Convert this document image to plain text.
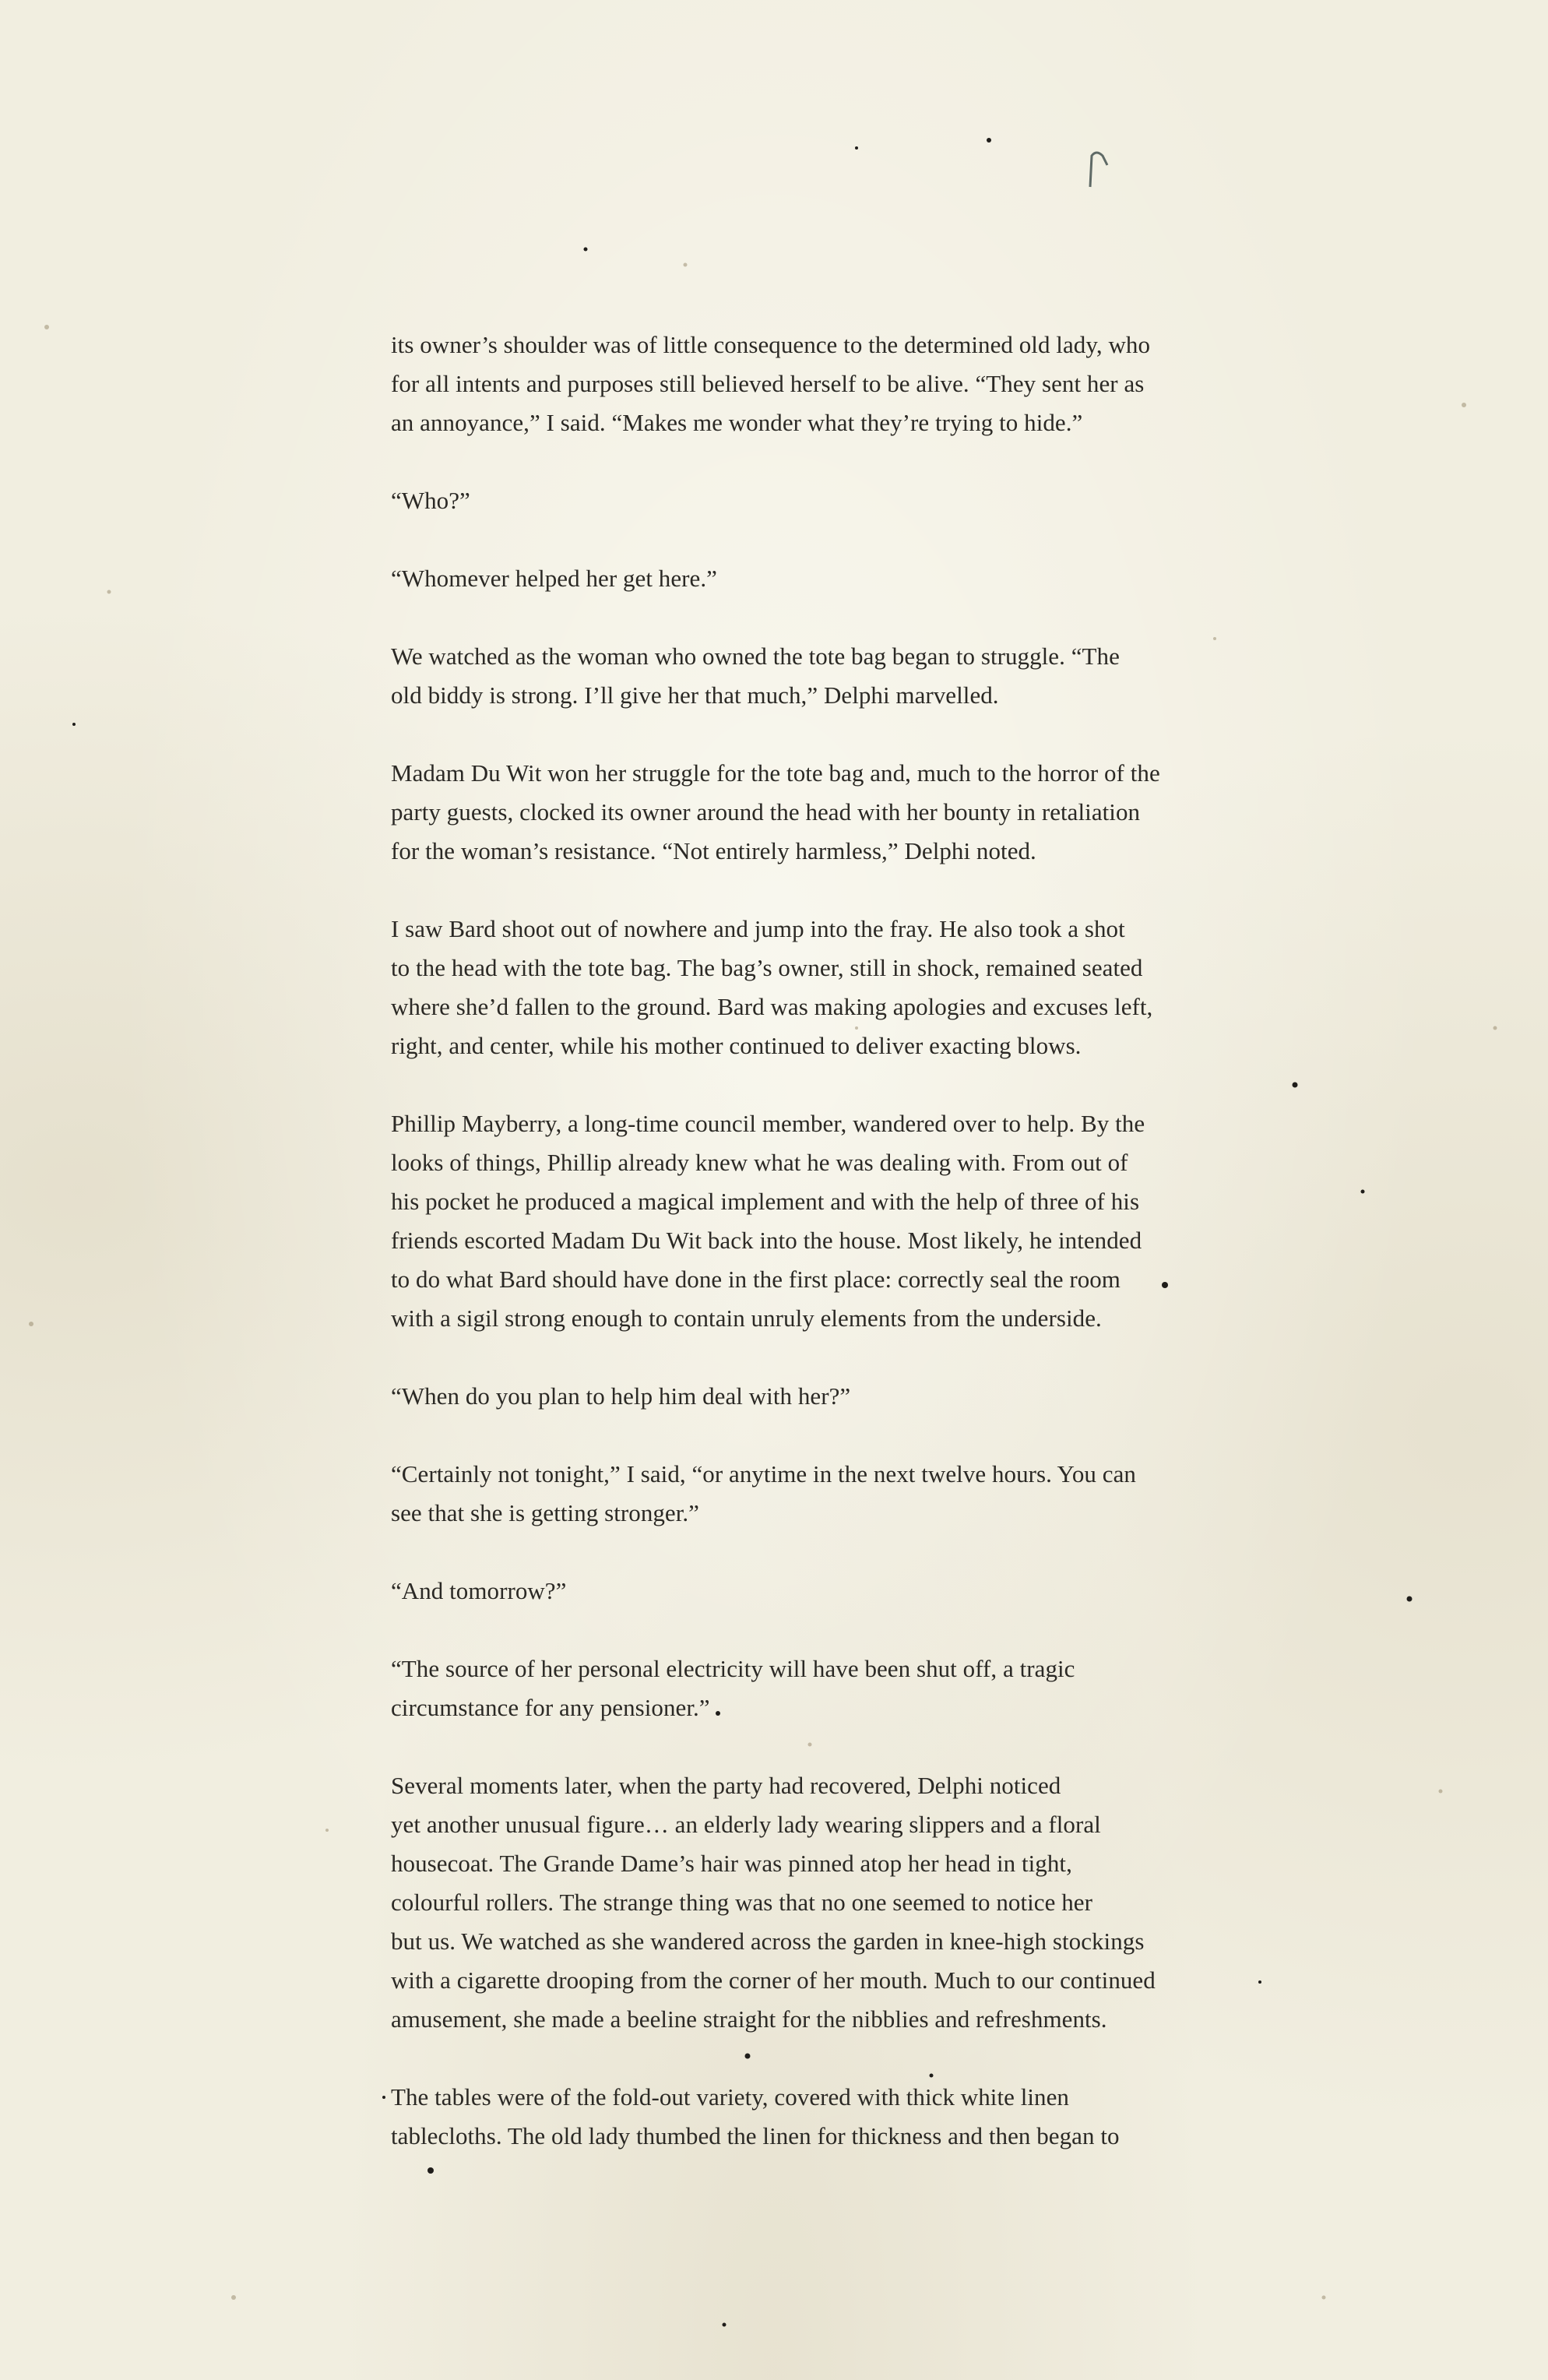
its owner’s shoulder was of little consequence to the determined old lady, who
for all intents and purposes still believed herself to be alive. “They sent her as
an annoyance,” I said. “Makes me wonder what they’re trying to hide.”

“Who?”

“Whomever helped her get here.”

We watched as the woman who owned the tote bag began to struggle. “The
old biddy is strong. I’ll give her that much,” Delphi marvelled.

Madam Du Wit won her struggle for the tote bag and, much to the horror of the
party guests, clocked its owner around the head with her bounty in retaliation
for the woman’s resistance. “Not entirely harmless,” Delphi noted.

I saw Bard shoot out of nowhere and jump into the fray. He also took a shot
to the head with the tote bag. The bag’s owner, still in shock, remained seated
where she’d fallen to the ground. Bard was making apologies and excuses left,
right, and center, while his mother continued to deliver exacting blows.

Phillip Mayberry, a long-time council member, wandered over to help. By the
looks of things, Phillip already knew what he was dealing with. From out of
his pocket he produced a magical implement and with the help of three of his
friends escorted Madam Du Wit back into the house. Most likely, he intended
to do what Bard should have done in the first place: correctly seal the room
with a sigil strong enough to contain unruly elements from the underside.

“When do you plan to help him deal with her?”

“Certainly not tonight,” I said, “or anytime in the next twelve hours. You can
see that she is getting stronger.”

“And tomorrow?”

“The source of her personal electricity will have been shut off, a tragic
circumstance for any pensioner.”

Several moments later, when the party had recovered, Delphi noticed
yet another unusual figure… an elderly lady wearing slippers and a floral
housecoat. The Grande Dame’s hair was pinned atop her head in tight,
colourful rollers. The strange thing was that no one seemed to notice her
but us. We watched as she wandered across the garden in knee-high stockings
with a cigarette drooping from the corner of her mouth. Much to our continued
amusement, she made a beeline straight for the nibblies and refreshments.

The tables were of the fold-out variety, covered with thick white linen
tablecloths. The old lady thumbed the linen for thickness and then began to
